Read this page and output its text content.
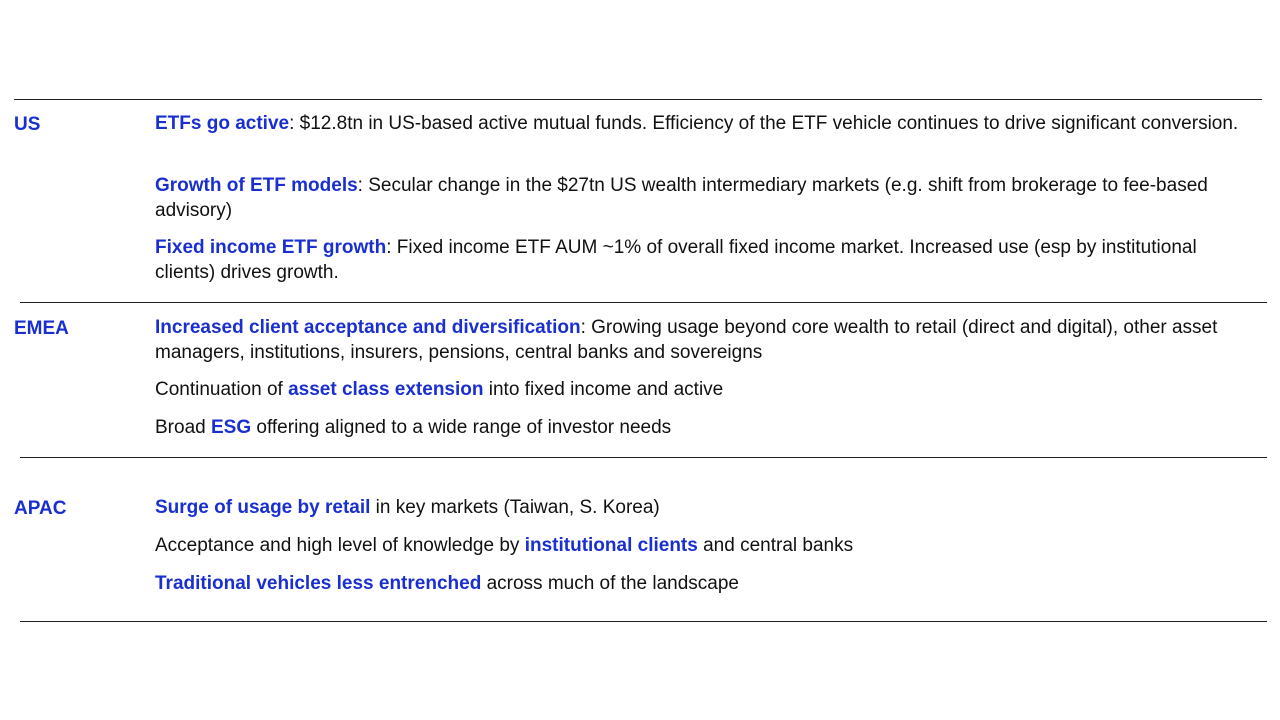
US	ETFs go active: $12.8tn in US-based active mutual funds. Efficiency of the ETF vehicle continues to drive significant conversion.

Growth of ETF models: Secular change in the $27tn US wealth intermediary markets (e.g. shift from brokerage to fee-based advisory)

Fixed income ETF growth: Fixed income ETF AUM ~1% of overall fixed income market. Increased use (esp by institutional clients) drives growth.

EMEA	Increased client acceptance and diversification: Growing usage beyond core wealth to retail (direct and digital), other asset managers, institutions, insurers, pensions, central banks and sovereigns

Continuation of asset class extension into fixed income and active

Broad ESG offering aligned to a wide range of investor needs

APAC	Surge of usage by retail in key markets (Taiwan, S. Korea)

Acceptance and high level of knowledge by institutional clients and central banks

Traditional vehicles less entrenched across much of the landscape
